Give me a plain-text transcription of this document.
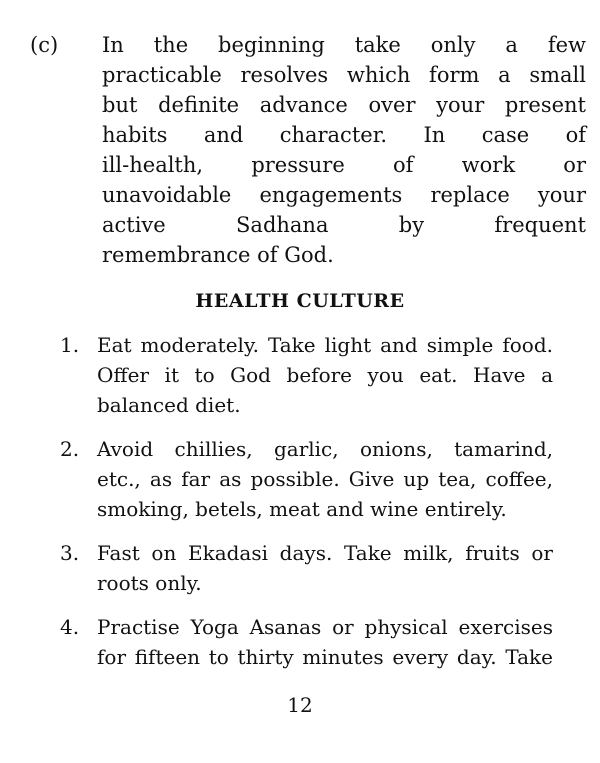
(c) In the beginning take only a few
practicable resolves which form a small
but definite advance over your present
habits and character. In case of
ill-health, pressure of work or
unavoidable engagements replace your
active Sadhana by frequent
remembrance of God.
HEALTH CULTURE
1. Eat moderately. Take light and simple food.
Offer it to God before you eat. Have a
balanced diet.
2. Avoid chillies, garlic, onions, tamarind,
etc., as far as possible. Give up tea, coffee,
smoking, betels, meat and wine entirely.
3. Fast on Ekadasi days. Take milk, fruits or
roots only.
4. Practise Yoga Asanas or physical exercises
for fifteen to thirty minutes every day. Take
12
